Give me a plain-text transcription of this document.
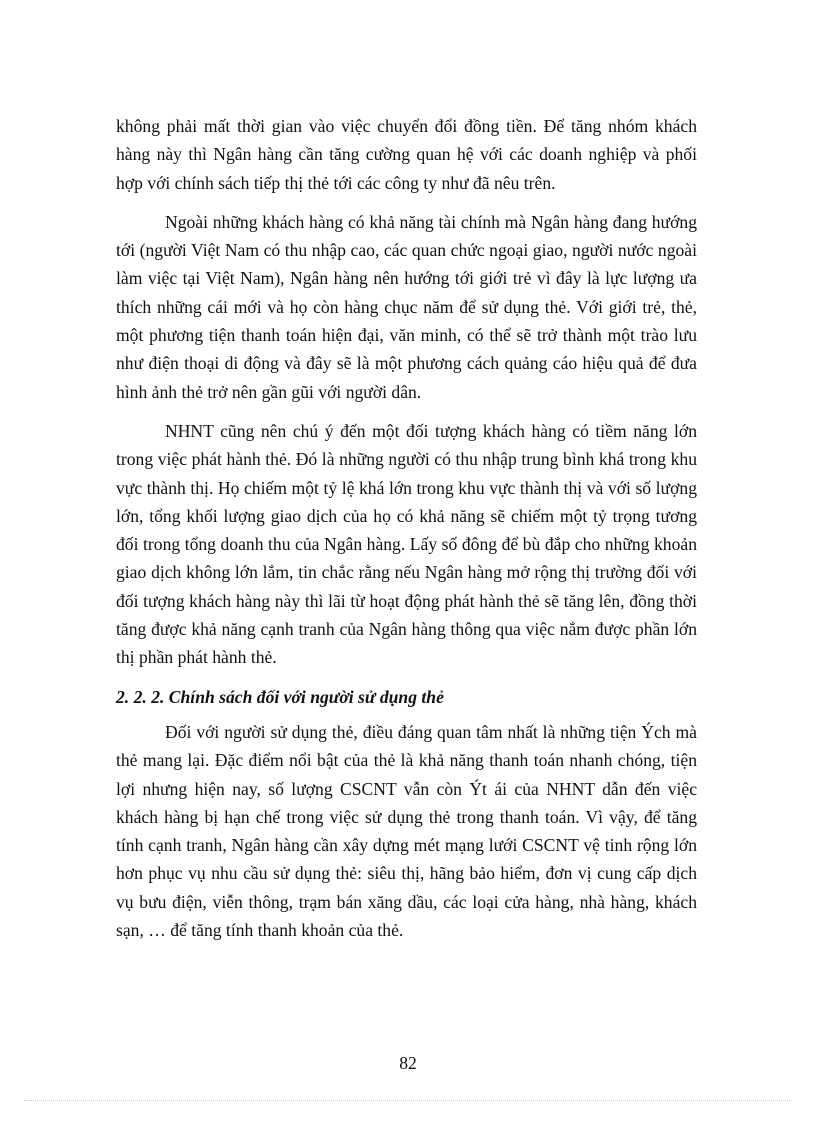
không phải mất thời gian vào việc chuyển đổi đồng tiền. Để tăng nhóm khách hàng này thì Ngân hàng cần tăng cường quan hệ với các doanh nghiệp và phối hợp với chính sách tiếp thị thẻ tới các công ty như đã nêu trên.

Ngoài những khách hàng có khả năng tài chính mà Ngân hàng đang hướng tới (người Việt Nam có thu nhập cao, các quan chức ngoại giao, người nước ngoài làm việc tại Việt Nam), Ngân hàng nên hướng tới giới trẻ vì đây là lực lượng ưa thích những cái mới và họ còn hàng chục năm để sử dụng thẻ. Với giới trẻ, thẻ, một phương tiện thanh toán hiện đại, văn minh, có thể sẽ trở thành một trào lưu như điện thoại di động và đây sẽ là một phương cách quảng cáo hiệu quả để đưa hình ảnh thẻ trở nên gần gũi với người dân.

NHNT cũng nên chú ý đến một đối tượng khách hàng có tiềm năng lớn trong việc phát hành thẻ. Đó là những người có thu nhập trung bình khá trong khu vực thành thị. Họ chiếm một tỷ lệ khá lớn trong khu vực thành thị và với số lượng lớn, tổng khối lượng giao dịch của họ có khả năng sẽ chiếm một tỷ trọng tương đối trong tổng doanh thu của Ngân hàng. Lấy số đông để bù đắp cho những khoản giao dịch không lớn lắm, tin chắc rằng nếu Ngân hàng mở rộng thị trường đối với đối tượng khách hàng này thì lãi từ hoạt động phát hành thẻ sẽ tăng lên, đồng thời tăng được khả năng cạnh tranh của Ngân hàng thông qua việc nắm được phần lớn thị phần phát hành thẻ.

2. 2. 2. Chính sách đối với người sử dụng thẻ

Đối với người sử dụng thẻ, điều đáng quan tâm nhất là những tiện Ých mà thẻ mang lại. Đặc điểm nổi bật của thẻ là khả năng thanh toán nhanh chóng, tiện lợi nhưng hiện nay, số lượng CSCNT vẫn còn Ýt ái của NHNT dẫn đến việc khách hàng bị hạn chế trong việc sử dụng thẻ trong thanh toán. Vì vậy, để tăng tính cạnh tranh, Ngân hàng cần xây dựng mét mạng lưới CSCNT vệ tinh rộng lớn hơn phục vụ nhu cầu sử dụng thẻ: siêu thị, hãng bảo hiểm, đơn vị cung cấp dịch vụ bưu điện, viễn thông, trạm bán xăng dầu, các loại cửa hàng, nhà hàng, khách sạn, … để tăng tính thanh khoản của thẻ.

82
